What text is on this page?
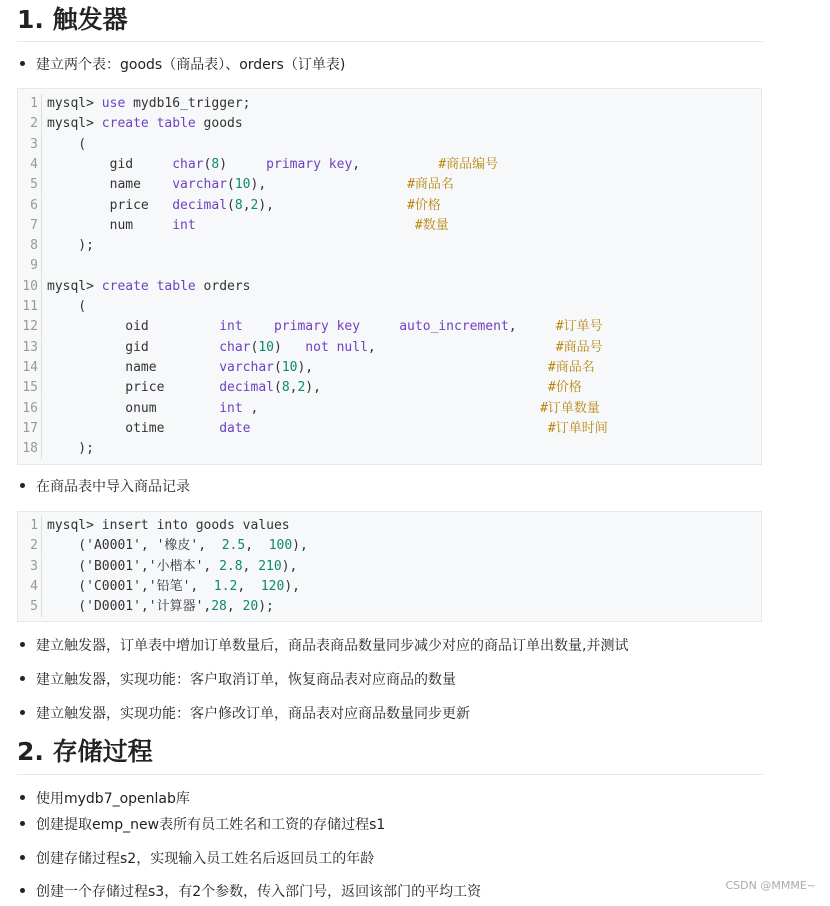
1. 触发器
建立两个表：goods（商品表）、orders（订单表)
1 mysql> use mydb16_trigger;
2 mysql> create table goods
3    (
4        gid     char(8)     primary key,          #商品编号
5        name    varchar(10),                  #商品名
6        price   decimal(8,2),                 #价格
7        num     int	#数量
8    );
9
10 mysql> create table orders
11    (
12          oid         int primary key	auto_increment,     #订单号
13          gid         char(10)   not null,                       #商品号
14          name        varchar(10),                              #商品名
15          price       decimal(8,2),                             #价格
16          onum        int ,                                    #订单数量
17          otime       date	#订单时间
18    );
在商品表中导入商品记录
1 mysql> insert into goods values
2    ('A0001', '橡皮',  2.5,  100),
3    ('B0001','小楷本', 2.8, 210),
4    ('C0001','铅笔',  1.2,  120),
5    ('D0001','计算器',28, 20);
建立触发器，订单表中增加订单数量后，商品表商品数量同步减少对应的商品订单出数量,并测试
建立触发器，实现功能：客户取消订单，恢复商品表对应商品的数量
建立触发器，实现功能：客户修改订单，商品表对应商品数量同步更新
2. 存储过程
使用mydb7_openlab库
创建提取emp_new表所有员工姓名和工资的存储过程s1
创建存储过程s2，实现输入员工姓名后返回员工的年龄
创建一个存储过程s3，有2个参数，传入部门号，返回该部门的平均工资	CSDN @MMME~
